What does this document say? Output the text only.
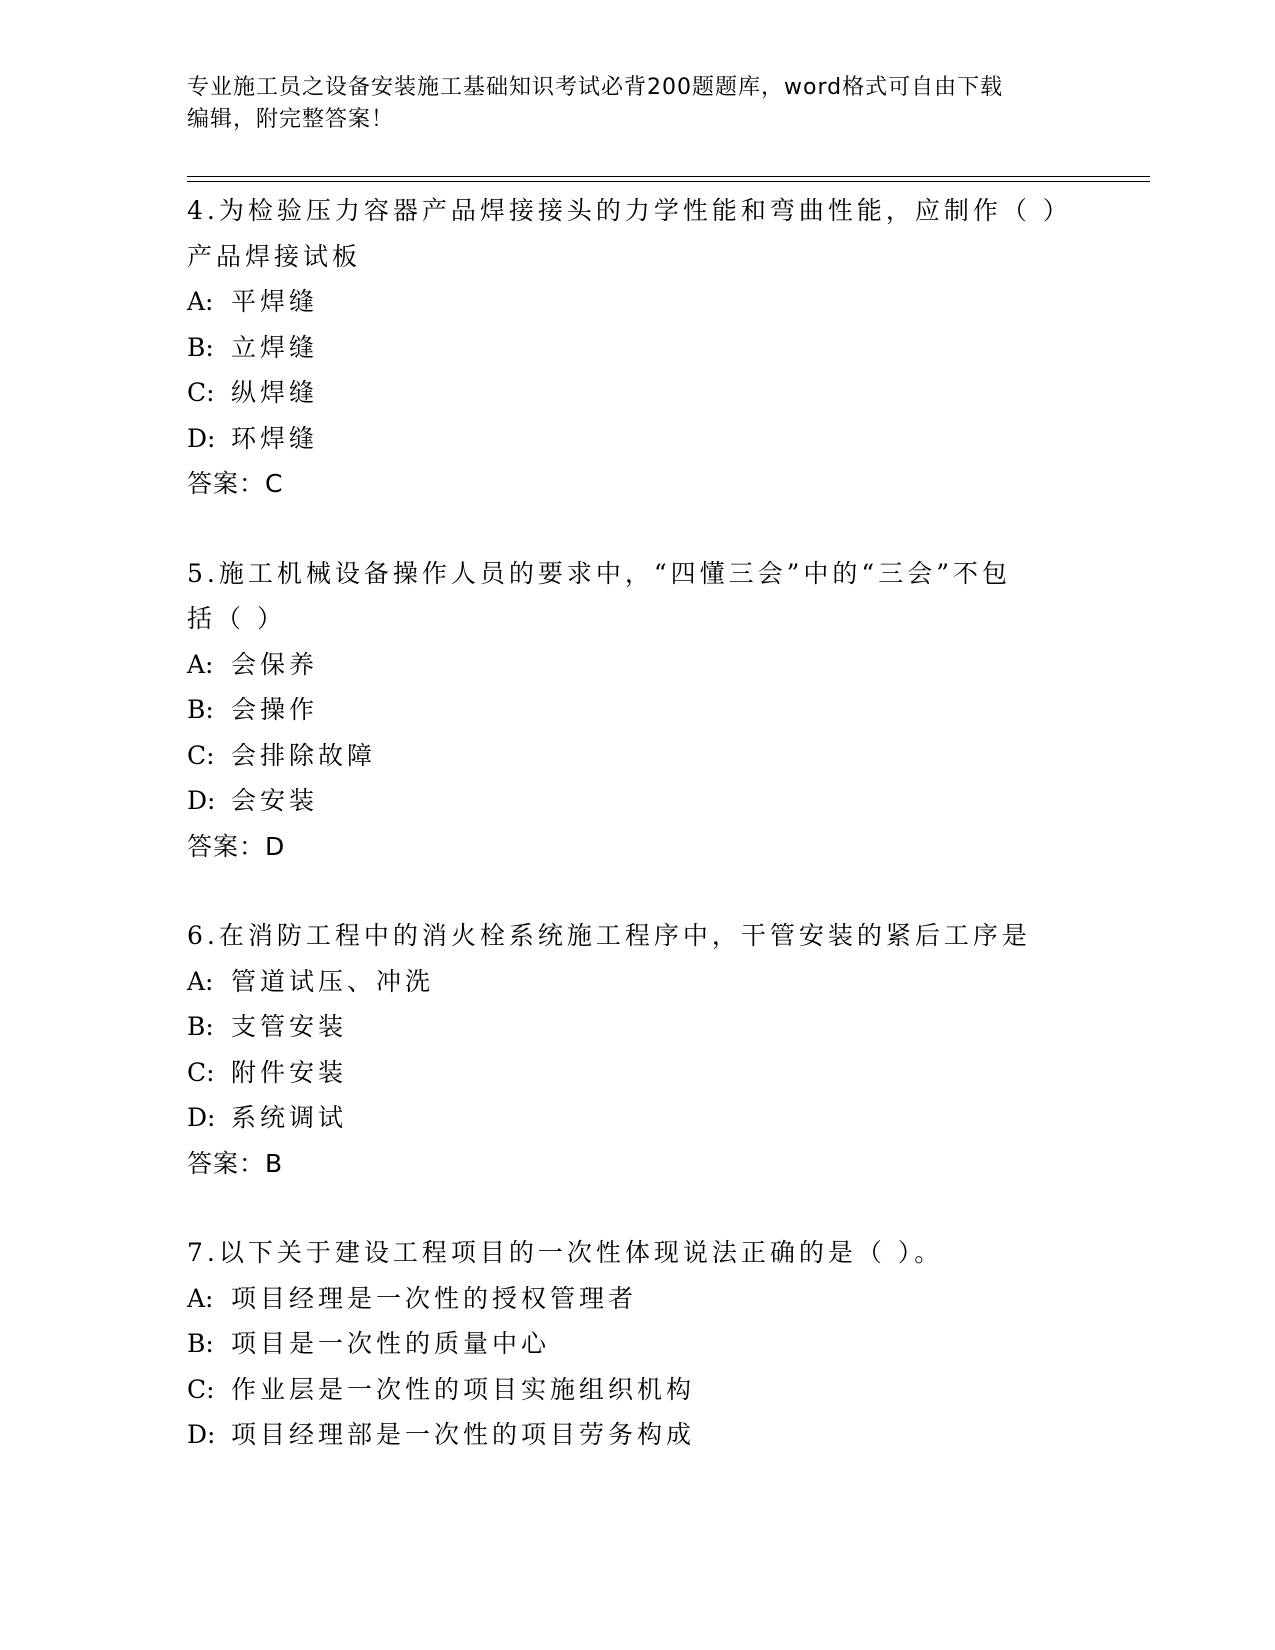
专业施工员之设备安装施工基础知识考试必背200题题库，word格式可自由下载
编辑，附完整答案！
4.为检验压力容器产品焊接接头的力学性能和弯曲性能，应制作（ ）
产品焊接试板
A: 平焊缝
B: 立焊缝
C: 纵焊缝
D: 环焊缝
答案：C
5.施工机械设备操作人员的要求中，“四懂三会”中的“三会”不包
括（ ）
A: 会保养
B: 会操作
C: 会排除故障
D: 会安装
答案：D
6.在消防工程中的消火栓系统施工程序中，干管安装的紧后工序是
A: 管道试压、冲洗
B: 支管安装
C: 附件安装
D: 系统调试
答案：B
7.以下关于建设工程项目的一次性体现说法正确的是（ ）。
A: 项目经理是一次性的授权管理者
B: 项目是一次性的质量中心
C: 作业层是一次性的项目实施组织机构
D: 项目经理部是一次性的项目劳务构成
